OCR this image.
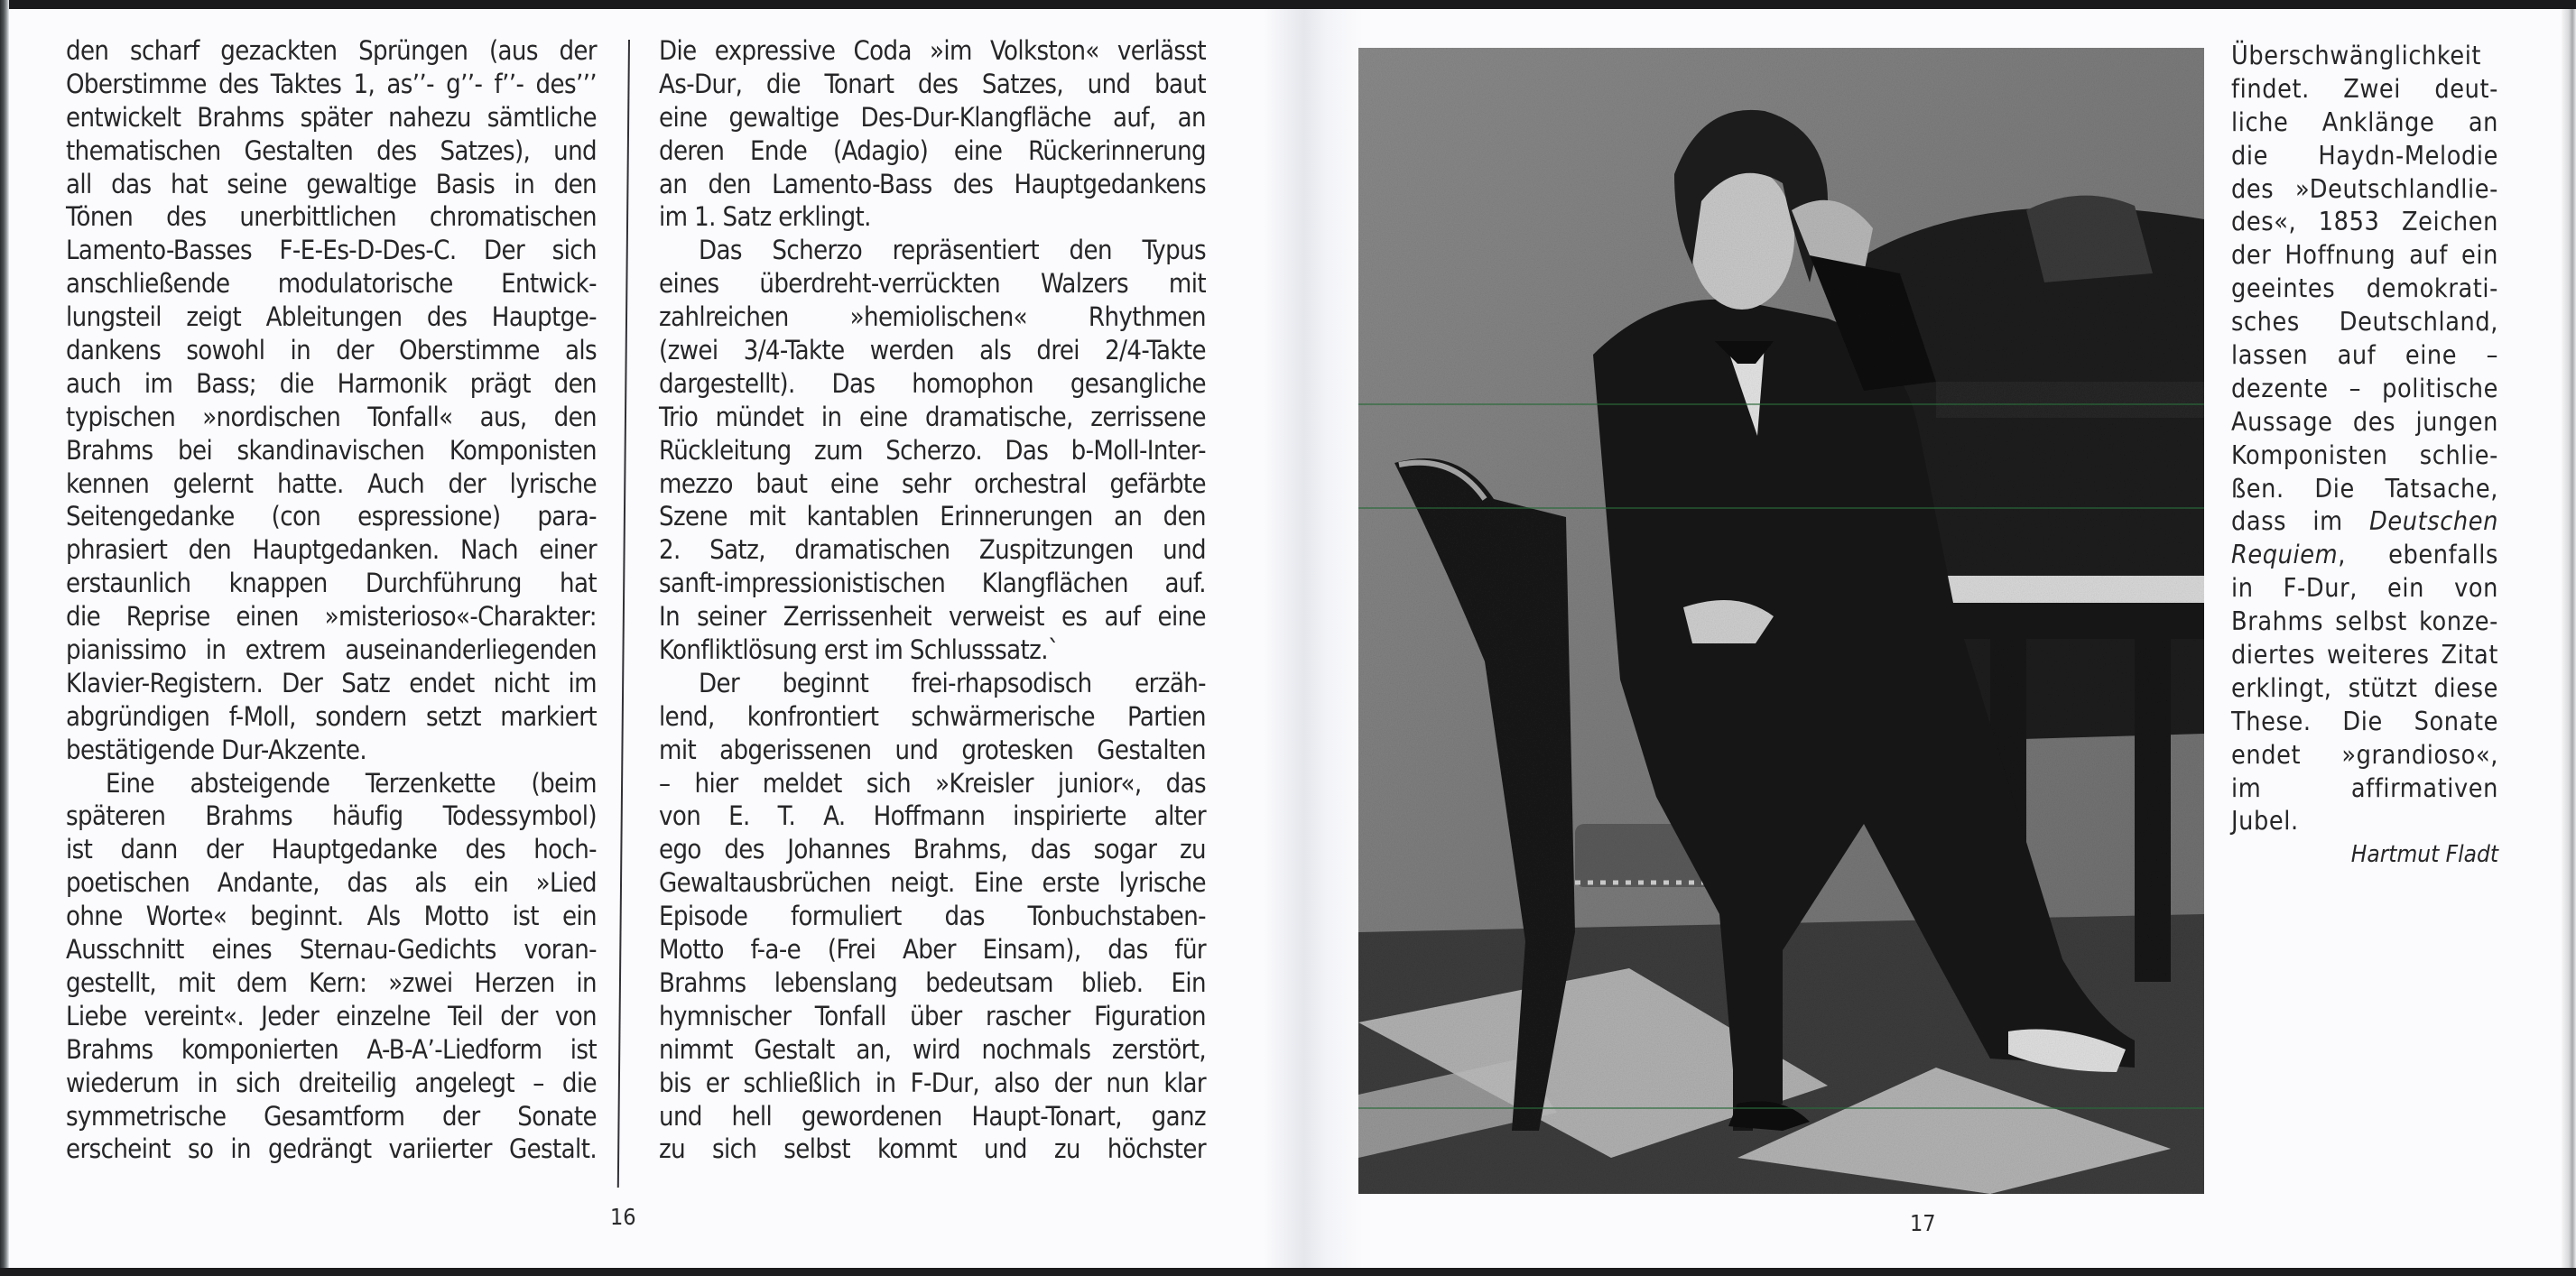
den scharf gezackten Sprüngen (aus der
Oberstimme des Taktes 1, as’’- g’’- f’’- des’’’
entwickelt Brahms später nahezu sämtliche
thematischen Gestalten des Satzes), und
all das hat seine gewaltige Basis in den
Tönen des unerbittlichen chromatischen
Lamento-Basses F-E-Es-D-Des-C. Der sich
anschließende modulatorische Entwick-
lungsteil zeigt Ableitungen des Hauptge-
dankens sowohl in der Oberstimme als
auch im Bass; die Harmonik prägt den
typischen »nordischen Tonfall« aus, den
Brahms bei skandinavischen Komponisten
kennen gelernt hatte. Auch der lyrische
Seitengedanke (con espressione) para-
phrasiert den Hauptgedanken. Nach einer
erstaunlich knappen Durchführung hat
die Reprise einen »misterioso«-Charakter:
pianissimo in extrem auseinanderliegenden
Klavier-Registern. Der Satz endet nicht im
abgründigen f-Moll, sondern setzt markiert
bestätigende Dur-Akzente.
Eine absteigende Terzenkette (beim
späteren Brahms häufig Todessymbol)
ist dann der Hauptgedanke des hoch-
poetischen Andante, das als ein »Lied
ohne Worte« beginnt. Als Motto ist ein
Ausschnitt eines Sternau-Gedichts voran-
gestellt, mit dem Kern: »zwei Herzen in
Liebe vereint«. Jeder einzelne Teil der von
Brahms komponierten A-B-A’-Liedform ist
wiederum in sich dreiteilig angelegt – die
symmetrische Gesamtform der Sonate
erscheint so in gedrängt variierter Gestalt.
Die expressive Coda »im Volkston« verlässt
As-Dur, die Tonart des Satzes, und baut
eine gewaltige Des-Dur-Klangfläche auf, an
deren Ende (Adagio) eine Rückerinnerung
an den Lamento-Bass des Hauptgedankens
im 1. Satz erklingt.
Das Scherzo repräsentiert den Typus
eines überdreht-verrückten Walzers mit
zahlreichen »hemiolischen« Rhythmen
(zwei 3/4-Takte werden als drei 2/4-Takte
dargestellt). Das homophon gesangliche
Trio mündet in eine dramatische, zerrissene
Rückleitung zum Scherzo. Das b-Moll-Inter-
mezzo baut eine sehr orchestral gefärbte
Szene mit kantablen Erinnerungen an den
2. Satz, dramatischen Zuspitzungen und
sanft-impressionistischen Klangflächen auf.
In seiner Zerrissenheit verweist es auf eine
Konfliktlösung erst im Schlusssatz.`
Der beginnt frei-rhapsodisch erzäh-
lend, konfrontiert schwärmerische Partien
mit abgerissenen und grotesken Gestalten
– hier meldet sich »Kreisler junior«, das
von E. T. A. Hoffmann inspirierte alter
ego des Johannes Brahms, das sogar zu
Gewaltausbrüchen neigt. Eine erste lyrische
Episode formuliert das Tonbuchstaben-
Motto f-a-e (Frei Aber Einsam), das für
Brahms lebenslang bedeutsam blieb. Ein
hymnischer Tonfall über rascher Figuration
nimmt Gestalt an, wird nochmals zerstört,
bis er schließlich in F-Dur, also der nun klar
und hell gewordenen Haupt-Tonart, ganz
zu sich selbst kommt und zu höchster
16
Überschwänglichkeit
findet. Zwei deut-
liche Anklänge an
die Haydn-Melodie
des »Deutschlandlie-
des«, 1853 Zeichen
der Hoffnung auf ein
geeintes demokrati-
sches Deutschland,
lassen auf eine –
dezente – politische
Aussage des jungen
Komponisten schlie-
ßen. Die Tatsache,
dass im Deutschen
Requiem, ebenfalls
in F-Dur, ein von
Brahms selbst konze-
diertes weiteres Zitat
erklingt, stützt diese
These. Die Sonate
endet »grandioso«,
im affirmativen
Jubel.
Hartmut Fladt
17
